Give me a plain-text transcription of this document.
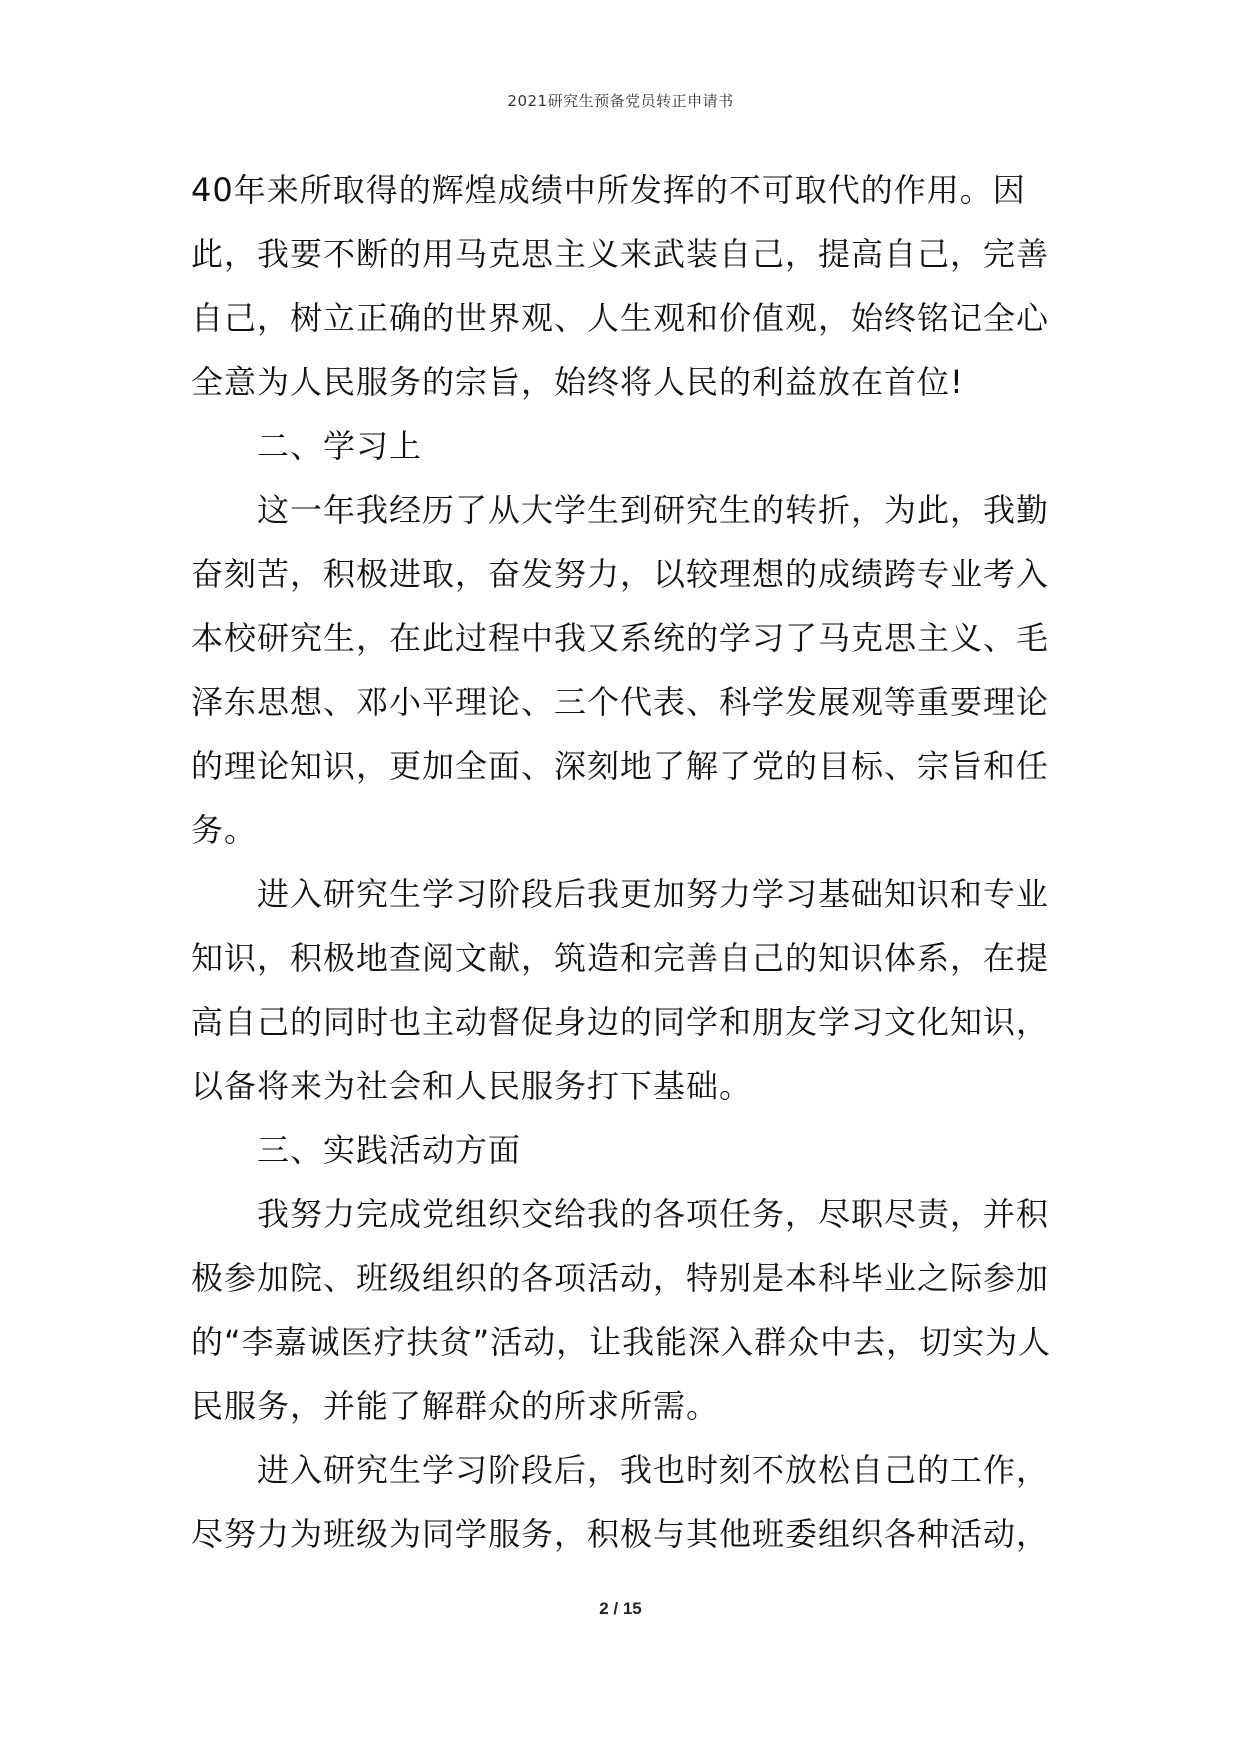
2021研究生预备党员转正申请书

40年来所取得的辉煌成绩中所发挥的不可取代的作用。因此，我要不断的用马克思主义来武装自己，提高自己，完善自己，树立正确的世界观、人生观和价值观，始终铭记全心全意为人民服务的宗旨，始终将人民的利益放在首位!

二、学习上

这一年我经历了从大学生到研究生的转折，为此，我勤奋刻苦，积极进取，奋发努力，以较理想的成绩跨专业考入本校研究生，在此过程中我又系统的学习了马克思主义、毛泽东思想、邓小平理论、三个代表、科学发展观等重要理论的理论知识，更加全面、深刻地了解了党的目标、宗旨和任务。

进入研究生学习阶段后我更加努力学习基础知识和专业知识，积极地查阅文献，筑造和完善自己的知识体系，在提高自己的同时也主动督促身边的同学和朋友学习文化知识，以备将来为社会和人民服务打下基础。

三、实践活动方面

我努力完成党组织交给我的各项任务，尽职尽责，并积极参加院、班级组织的各项活动，特别是本科毕业之际参加的“李嘉诚医疗扶贫”活动，让我能深入群众中去，切实为人民服务，并能了解群众的所求所需。

进入研究生学习阶段后，我也时刻不放松自己的工作，尽努力为班级为同学服务，积极与其他班委组织各种活动，

2 / 15
